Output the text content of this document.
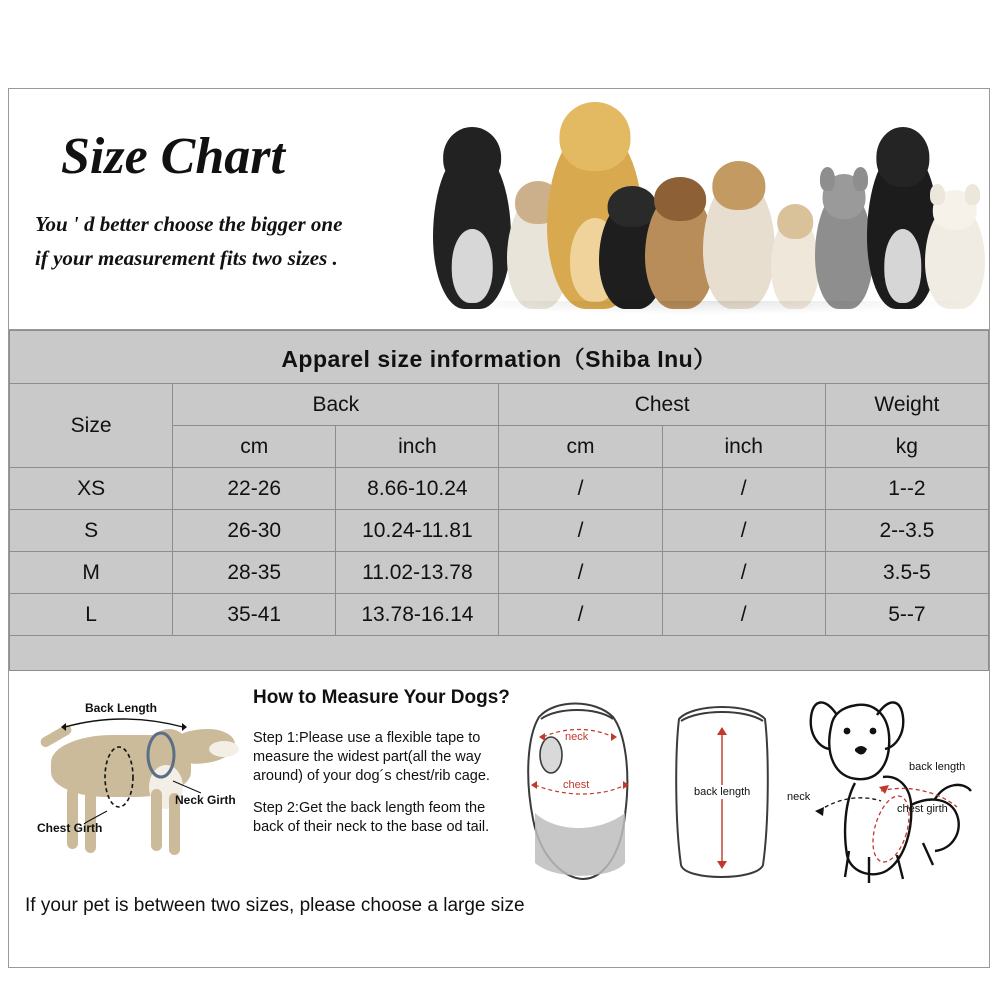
Size Chart
You ' d better choose the bigger one
if your measurement fits two sizes .
Apparel size information（Shiba Inu）					
Size	Back		Chest		Weight
	cm	inch	cm	inch	kg
XS	22-26	8.66-10.24	/	/	1--2
S	26-30	10.24-11.81	/	/	2--3.5
M	28-35	11.02-13.78	/	/	3.5-5
L	35-41	13.78-16.14	/	/	5--7

Back Length
Neck Girth
Chest Girth
How to Measure Your Dogs?
Step 1:Please use a flexible tape to measure the widest part(all the way around) of your dog´s chest/rib cage.
Step 2:Get the back length feom the back of their neck to the base od tail.
neck
chest
back length
back length
neck
chest girth
If your pet is between two sizes, please choose a large size
